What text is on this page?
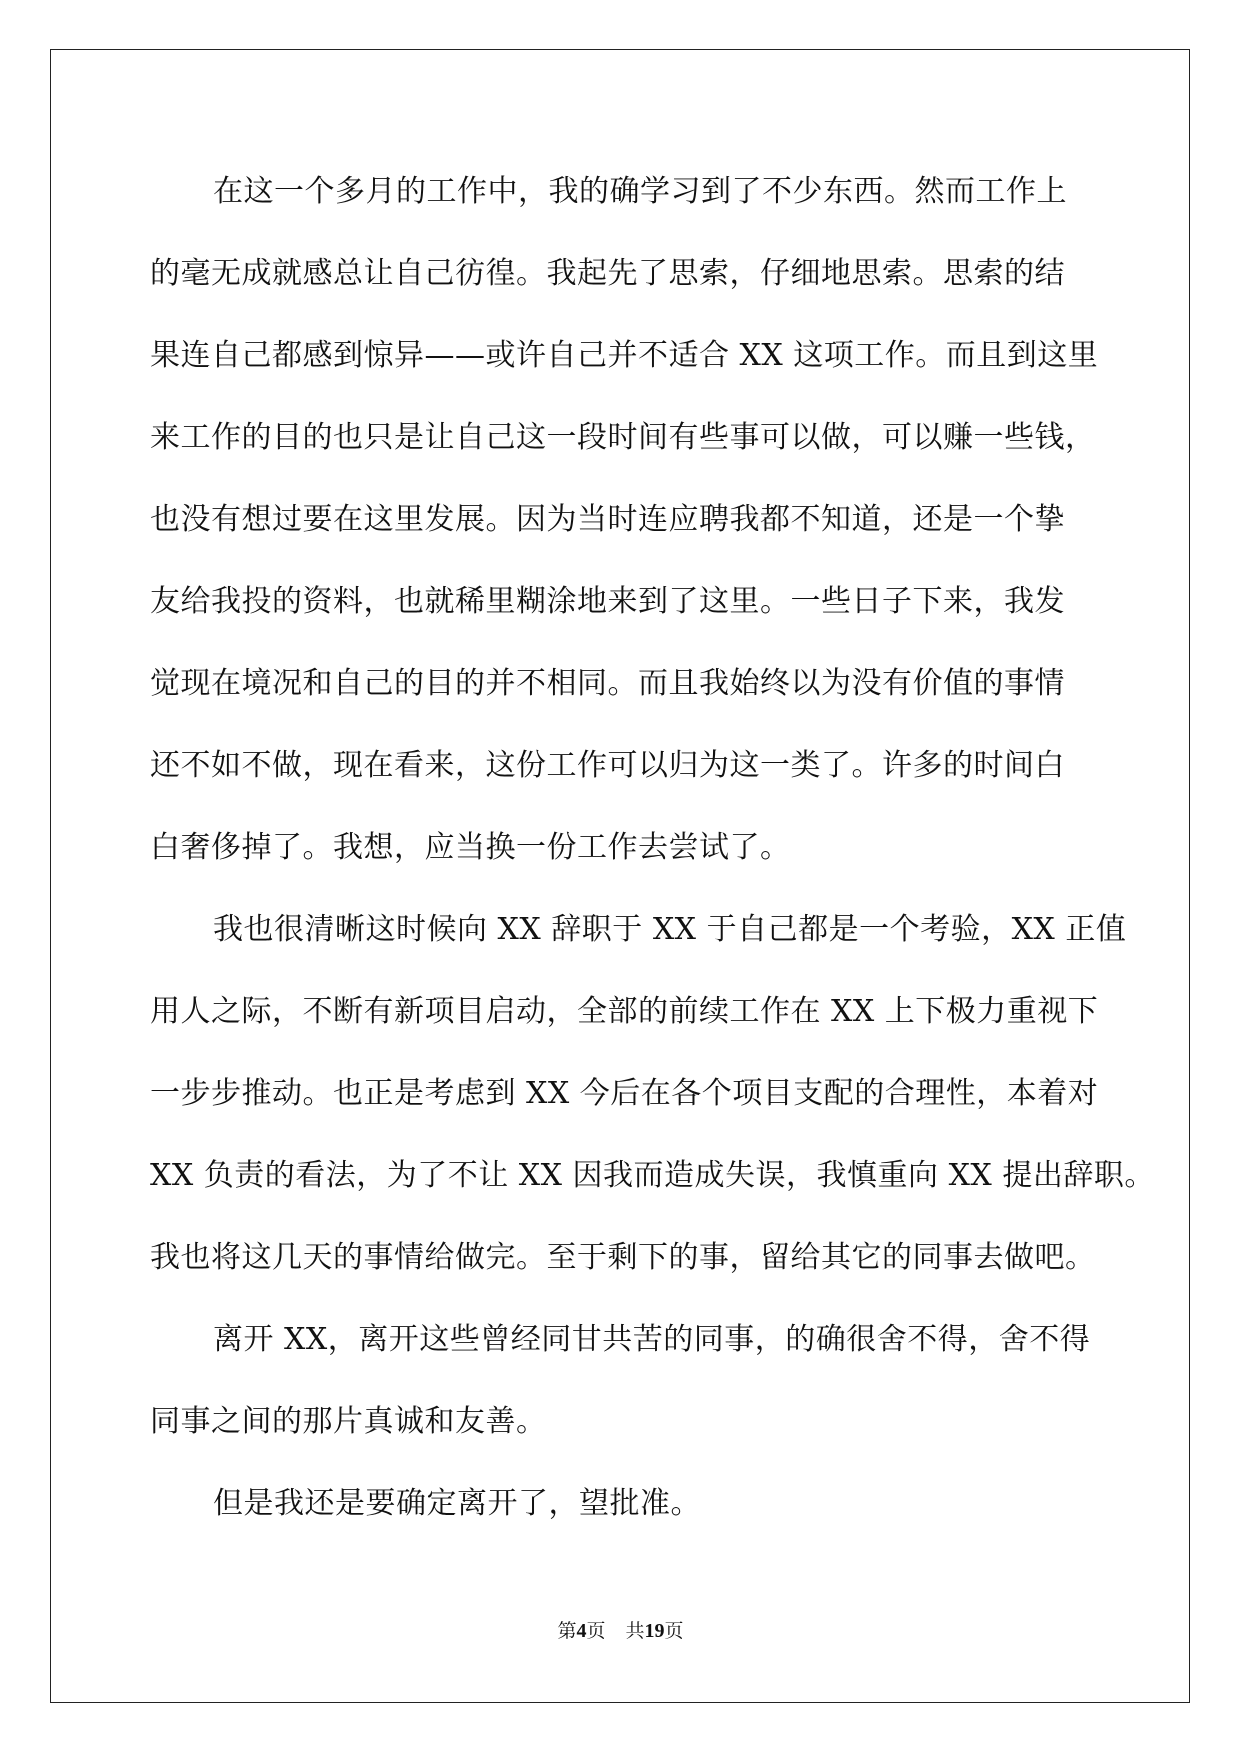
在这一个多月的工作中，我的确学习到了不少东西。然而工作上
的毫无成就感总让自己彷徨。我起先了思索，仔细地思索。思索的结
果连自己都感到惊异——或许自己并不适合 XX 这项工作。而且到这里
来工作的目的也只是让自己这一段时间有些事可以做，可以赚一些钱，
也没有想过要在这里发展。因为当时连应聘我都不知道，还是一个挚
友给我投的资料，也就稀里糊涂地来到了这里。一些日子下来，我发
觉现在境况和自己的目的并不相同。而且我始终以为没有价值的事情
还不如不做，现在看来，这份工作可以归为这一类了。许多的时间白
白奢侈掉了。我想，应当换一份工作去尝试了。
我也很清晰这时候向 XX 辞职于 XX 于自己都是一个考验，XX 正值
用人之际，不断有新项目启动，全部的前续工作在 XX 上下极力重视下
一步步推动。也正是考虑到 XX 今后在各个项目支配的合理性，本着对
XX 负责的看法，为了不让 XX 因我而造成失误，我慎重向 XX 提出辞职。
我也将这几天的事情给做完。至于剩下的事，留给其它的同事去做吧。
离开 XX，离开这些曾经同甘共苦的同事，的确很舍不得，舍不得
同事之间的那片真诚和友善。
但是我还是要确定离开了，望批准。
第4页 共19页
